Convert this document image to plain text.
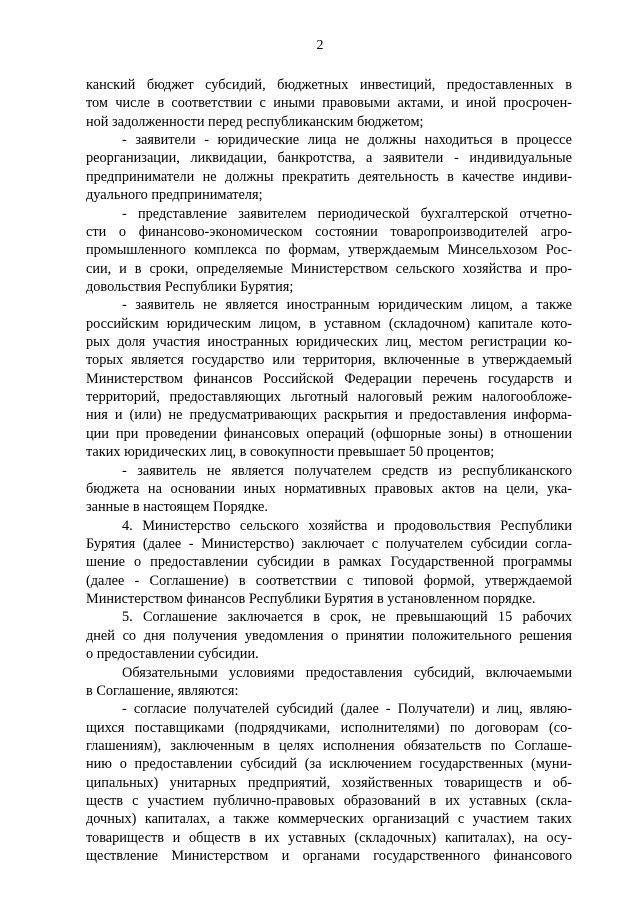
2
канский бюджет субсидий, бюджетных инвестиций, предоставленных в
том числе в соответствии с иными правовыми актами, и иной просрочен-
ной задолженности перед республиканским бюджетом;
- заявители - юридические лица не должны находиться в процессе
реорганизации, ликвидации, банкротства, а заявители - индивидуальные
предприниматели не должны прекратить деятельность в качестве индиви-
дуального предпринимателя;
- представление заявителем периодической бухгалтерской отчетно-
сти о финансово-экономическом состоянии товаропроизводителей агро-
промышленного комплекса по формам, утверждаемым Минсельхозом Рос-
сии, и в сроки, определяемые Министерством сельского хозяйства и про-
довольствия Республики Бурятия;
- заявитель не является иностранным юридическим лицом, а также
российским юридическим лицом, в уставном (складочном) капитале кото-
рых доля участия иностранных юридических лиц, местом регистрации ко-
торых является государство или территория, включенные в утверждаемый
Министерством финансов Российской Федерации перечень государств и
территорий, предоставляющих льготный налоговый режим налогообложе-
ния и (или) не предусматривающих раскрытия и предоставления информа-
ции при проведении финансовых операций (офшорные зоны) в отношении
таких юридических лиц, в совокупности превышает 50 процентов;
- заявитель не является получателем средств из республиканского
бюджета на основании иных нормативных правовых актов на цели, ука-
занные в настоящем Порядке.
4. Министерство сельского хозяйства и продовольствия Республики
Бурятия (далее - Министерство) заключает с получателем субсидии согла-
шение о предоставлении субсидии в рамках Государственной программы
(далее - Соглашение) в соответствии с типовой формой, утверждаемой
Министерством финансов Республики Бурятия в установленном порядке.
5. Соглашение заключается в срок, не превышающий 15 рабочих
дней со дня получения уведомления о принятии положительного решения
о предоставлении субсидии.
Обязательными условиями предоставления субсидий, включаемыми
в Соглашение, являются:
- согласие получателей субсидий (далее - Получатели) и лиц, являю-
щихся поставщиками (подрядчиками, исполнителями) по договорам (со-
глашениям), заключенным в целях исполнения обязательств по Соглаше-
нию о предоставлении субсидий (за исключением государственных (муни-
ципальных) унитарных предприятий, хозяйственных товариществ и об-
ществ с участием публично-правовых образований в их уставных (скла-
дочных) капиталах, а также коммерческих организаций с участием таких
товариществ и обществ в их уставных (складочных) капиталах), на осу-
ществление Министерством и органами государственного финансового
